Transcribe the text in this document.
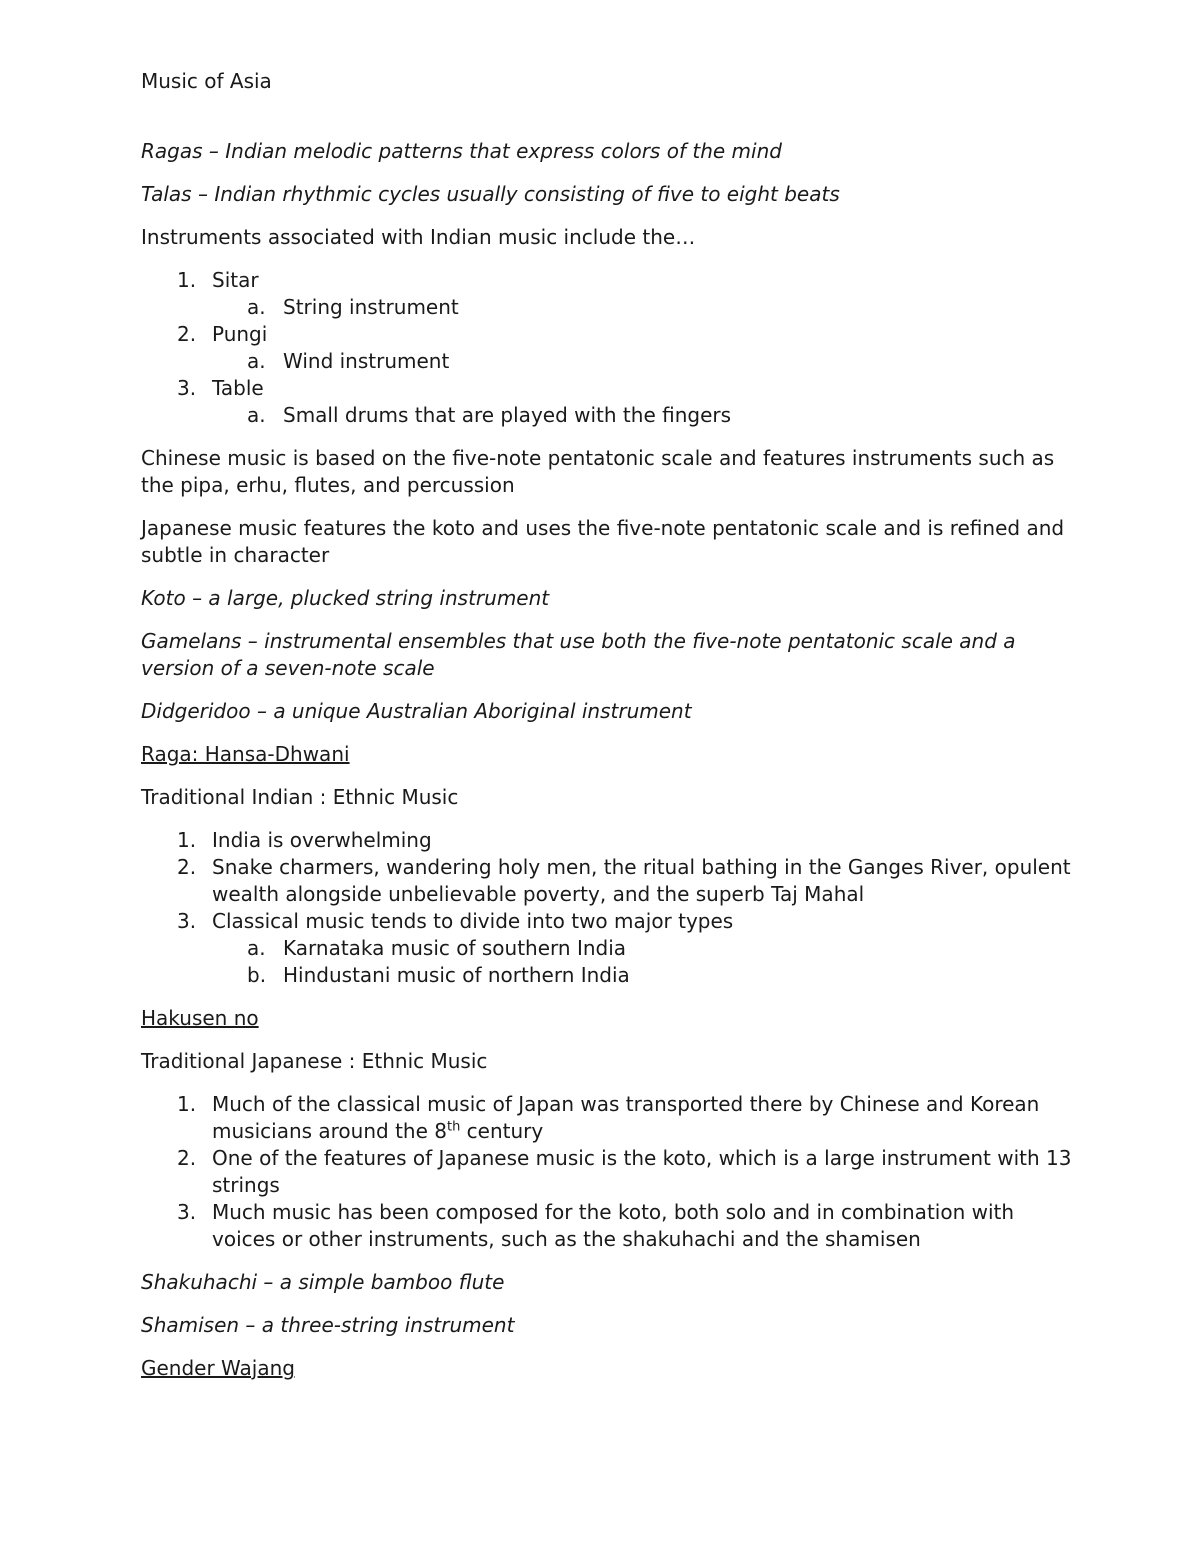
Music of Asia
Ragas – Indian melodic patterns that express colors of the mind
Talas – Indian rhythmic cycles usually consisting of five to eight beats
Instruments associated with Indian music include the…
1. Sitar
a. String instrument
2. Pungi
a. Wind instrument
3. Table
a. Small drums that are played with the fingers
Chinese music is based on the five-note pentatonic scale and features instruments such as the pipa, erhu, flutes, and percussion
Japanese music features the koto and uses the five-note pentatonic scale and is refined and subtle in character
Koto – a large, plucked string instrument
Gamelans – instrumental ensembles that use both the five-note pentatonic scale and a version of a seven-note scale
Didgeridoo – a unique Australian Aboriginal instrument
Raga: Hansa-Dhwani
Traditional Indian : Ethnic Music
1. India is overwhelming
2. Snake charmers, wandering holy men, the ritual bathing in the Ganges River, opulent wealth alongside unbelievable poverty, and the superb Taj Mahal
3. Classical music tends to divide into two major types
a. Karnataka music of southern India
b. Hindustani music of northern India
Hakusen no
Traditional Japanese : Ethnic Music
1. Much of the classical music of Japan was transported there by Chinese and Korean musicians around the 8th century
2. One of the features of Japanese music is the koto, which is a large instrument with 13 strings
3. Much music has been composed for the koto, both solo and in combination with voices or other instruments, such as the shakuhachi and the shamisen
Shakuhachi – a simple bamboo flute
Shamisen – a three-string instrument
Gender Wajang
